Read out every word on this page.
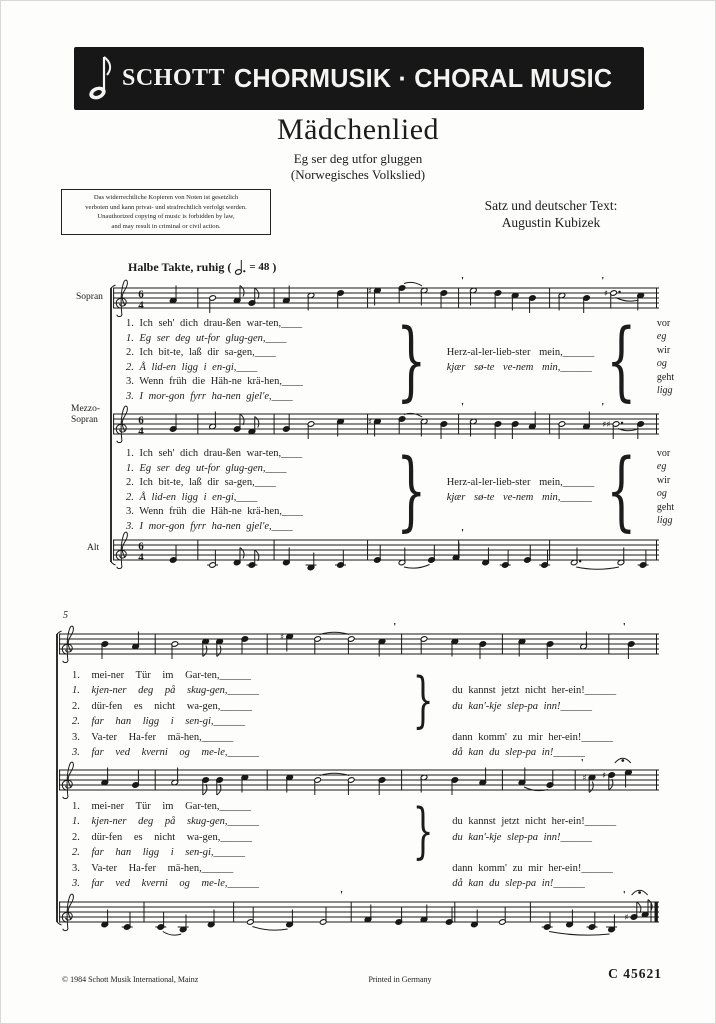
SCHOTT CHORMUSIK · CHORAL MUSIC
Mädchenlied
Eg ser deg utfor gluggen
(Norwegisches Volkslied)
Das widerrechtliche Kopieren von Noten ist gesetzlich
verboten und kann privat- und strafrechtlich verfolgt werden.
Unauthorized copying of music is forbidden by law,
and may result in criminal or civil action.
Satz und deutscher Text:
Augustin Kubizek
Halbe Takte, ruhig ( = 48 )
Sopran
Mezzo-
Sopran
Alt
5
6
4
♯	♯
'	'
6
4
♯	♯♯
'	'
6
4
'
♯
'	'
♯ ♯
'
♯
'	'
1. Ich seh' dich drau-ßen war-ten,____
1. Eg ser deg ut-for glug-gen,____
2. Ich bit-te, laß dir sa-gen,____
2. Å lid-en ligg i en-gi,____
3. Wenn früh die Häh-ne krä-hen,____
3. I mor-gon fyrr ha-nen gjel'e,____	} Herz-al-ler-lieb-ster mein,______
kjær sø-te ve-nem min,______ { vor
eg
wir
og
geht
ligg
1. Ich seh' dich drau-ßen war-ten,____
1. Eg ser deg ut-for glug-gen,____
2. Ich bit-te, laß dir sa-gen,____
2. Å lid-en ligg i en-gi,____
3. Wenn früh die Häh-ne krä-hen,____
3. I mor-gon fyrr ha-nen gjel'e,____	} Herz-al-ler-lieb-ster mein,______
kjær sø-te ve-nem min,______ { vor
eg
wir
og
geht
ligg
1. mei-ner Tür im Gar-ten,______
1. kjen-ner deg på skug-gen,______
2. dür-fen es nicht wa-gen,______
2. far han ligg i sen-gi,______
3. Va-ter Ha-fer mä-hen,______
3. far ved kverni og me-le,______
}
du kannst jetzt nicht her-ein!______
du kan'-kje slep-pa inn!______

dann komm' zu mir her-ein!______
då kan du slep-pa in!______
1. mei-ner Tür im Gar-ten,______
1. kjen-ner deg på skug-gen,______
2. dür-fen es nicht wa-gen,______
2. far han ligg i sen-gi,______
3. Va-ter Ha-fer mä-hen,______
3. far ved kverni og me-le,______
}
du kannst jetzt nicht her-ein!______
du kan'-kje slep-pa inn!______

dann komm' zu mir her-ein!______
då kan du slep-pa in!______
© 1984 Schott Musik International, Mainz	Printed in Germany	C 45621
